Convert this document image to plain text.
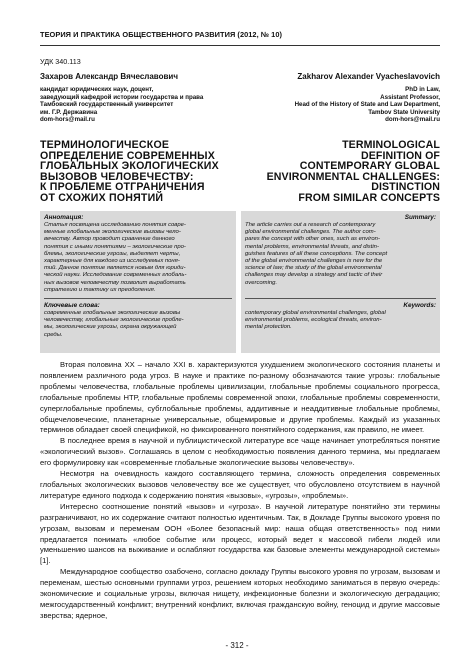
ТЕОРИЯ И ПРАКТИКА ОБЩЕСТВЕННОГО РАЗВИТИЯ (2012, № 10)
УДК 340.113
Захаров Александр Вячеславович	Zakharov Alexander Vyacheslavovich
кандидат юридических наук, доцент,
заведующий кафедрой истории государства и права
Тамбовский государственный университет
им. Г.Р. Державина
dom-hors@mail.ru
PhD in Law,
Assistant Professor,
Head of the History of State and Law Department,
Tambov State University
dom-hors@mail.ru
ТЕРМИНОЛОГИЧЕСКОЕ
ОПРЕДЕЛЕНИЕ СОВРЕМЕННЫХ
ГЛОБАЛЬНЫХ ЭКОЛОГИЧЕСКИХ
ВЫЗОВОВ ЧЕЛОВЕЧЕСТВУ:
К ПРОБЛЕМЕ ОТГРАНИЧЕНИЯ
ОТ СХОЖИХ ПОНЯТИЙ
TERMINOLOGICAL
DEFINITION OF
CONTEMPORARY GLOBAL
ENVIRONMENTAL CHALLENGES:
DISTINCTION
FROM SIMILAR CONCEPTS
Аннотация:
Статья посвящена исследованию понятия совре-
менные глобальные экологические вызовы чело-
вечеству. Автор проводит сравнение данного
понятия с иными понятиями – экологические про-
блемы, экологические угрозы, выделяет черты,
характерные для каждого из исследуемых поня-
тий. Данное понятие является новым для юриди-
ческой науки. Исследование современных глобаль-
ных вызовов человечеству позволит выработать
стратегию и тактику их преодоления.
Ключевые слова:
современные глобальные экологические вызовы
человечеству, глобальные экологические пробле-
мы, экологические угрозы, охрана окружающей
среды.
Summary:
The article carries out a research of contemporary
global environmental challenges. The author com-
pares the concept with other ones, such as environ-
mental problems, environmental threats, and distin-
guishes features of all these conceptions. The concept
of the global environmental challenges is new for the
science of law; the study of the global environmental
challenges may develop a strategy and tactic of their
overcoming.
Keywords:
contemporary global environmental challenges, global
environmental problems, ecological threats, environ-
mental protection.

Вторая половина XX – начало XXI в. характеризуются ухудшением экологического состояния планеты и появлением различного рода угроз. В науке и практике по-разному обозначаются такие угрозы: глобальные проблемы человечества, глобальные проблемы цивилизации, глобальные проблемы социального прогресса, глобальные проблемы НТР, глобальные проблемы современной эпохи, глобальные проблемы современности, суперглобальные проблемы, субглобальные проблемы, аддитивные и неаддитивные глобальные проблемы, общечеловеческие, планетарные универсальные, общемировые и другие проблемы. Каждый из указанных терминов обладает своей спецификой, но фиксированного понятийного содержания, как правило, не имеет.

В последнее время в научной и публицистической литературе все чаще начинает употребляться понятие «экологический вызов». Соглашаясь в целом с необходимостью появления данного термина, мы предлагаем его формулировку как «современные глобальные экологические вызовы человечеству».

Несмотря на очевидность каждого составляющего термина, сложность определения современных глобальных экологических вызовов человечеству все же существует, что обусловлено отсутствием в научной литературе единого подхода к содержанию понятия «вызовы», «угрозы», «проблемы».

Интересно соотношение понятий «вызов» и «угроза». В научной литературе понятийно эти термины разграничивают, но их содержание считают полностью идентичным. Так, в Докладе Группы высокого уровня по угрозам, вызовам и переменам ООН «Более безопасный мир: наша общая ответственность» под ними предлагается понимать «любое событие или процесс, который ведет к массовой гибели людей или уменьшению шансов на выживание и ослабляют государства как базовые элементы международной системы» [1].

Международное сообщество озабочено, согласно докладу Группы высокого уровня по угрозам, вызовам и переменам, шестью основными группами угроз, решением которых необходимо заниматься в первую очередь: экономические и социальные угрозы, включая нищету, инфекционные болезни и экологическую деградацию; межгосударственный конфликт; внутренний конфликт, включая гражданскую войну, геноцид и другие массовые зверства; ядерное,

- 312 -
